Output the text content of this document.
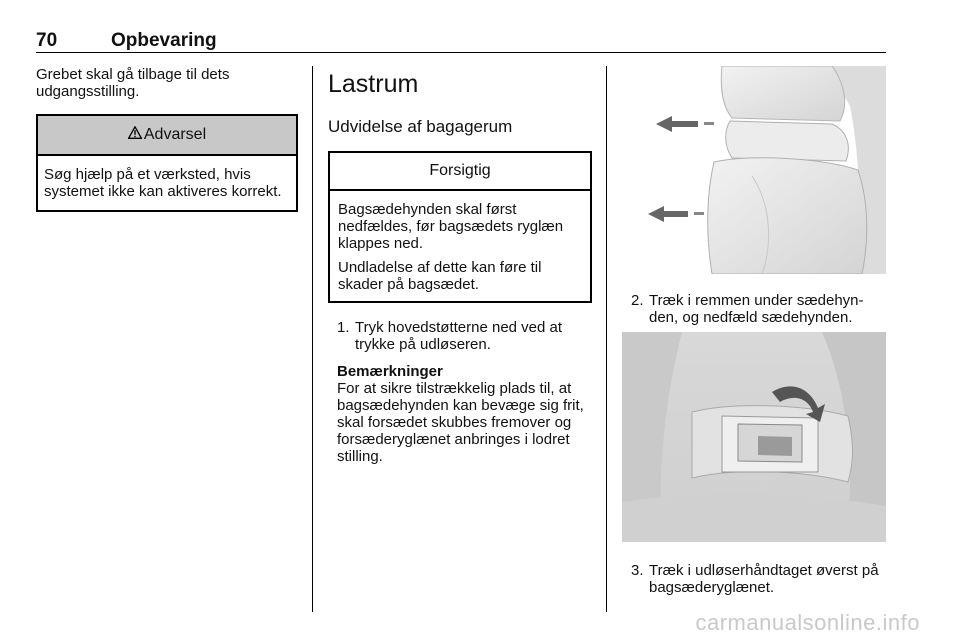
70	Opbevaring

Grebet skal gå tilbage til dets udgangsstilling.

Advarsel
Søg hjælp på et værksted, hvis systemet ikke kan aktiveres korrekt.
Lastrum
Udvidelse af bagagerum
Forsigtig

Bagsædehynden skal først nedfældes, før bagsædets ryglæn klappes ned.

Undladelse af dette kan føre til skader på bagsædet.

1. Tryk hovedstøtterne ned ved at trykke på udløseren.
Bemærkninger
For at sikre tilstrækkelig plads til, at bagsædehynden kan bevæge sig frit, skal forsædet skubbes fremover og forsæderyglænet anbringes i lodret stilling.
2. Træk i remmen under sædehyn-den, og nedfæld sædehynden.
3. Træk i udløserhåndtaget øverst på bagsæderyglænet.
carmanualsonline.info
